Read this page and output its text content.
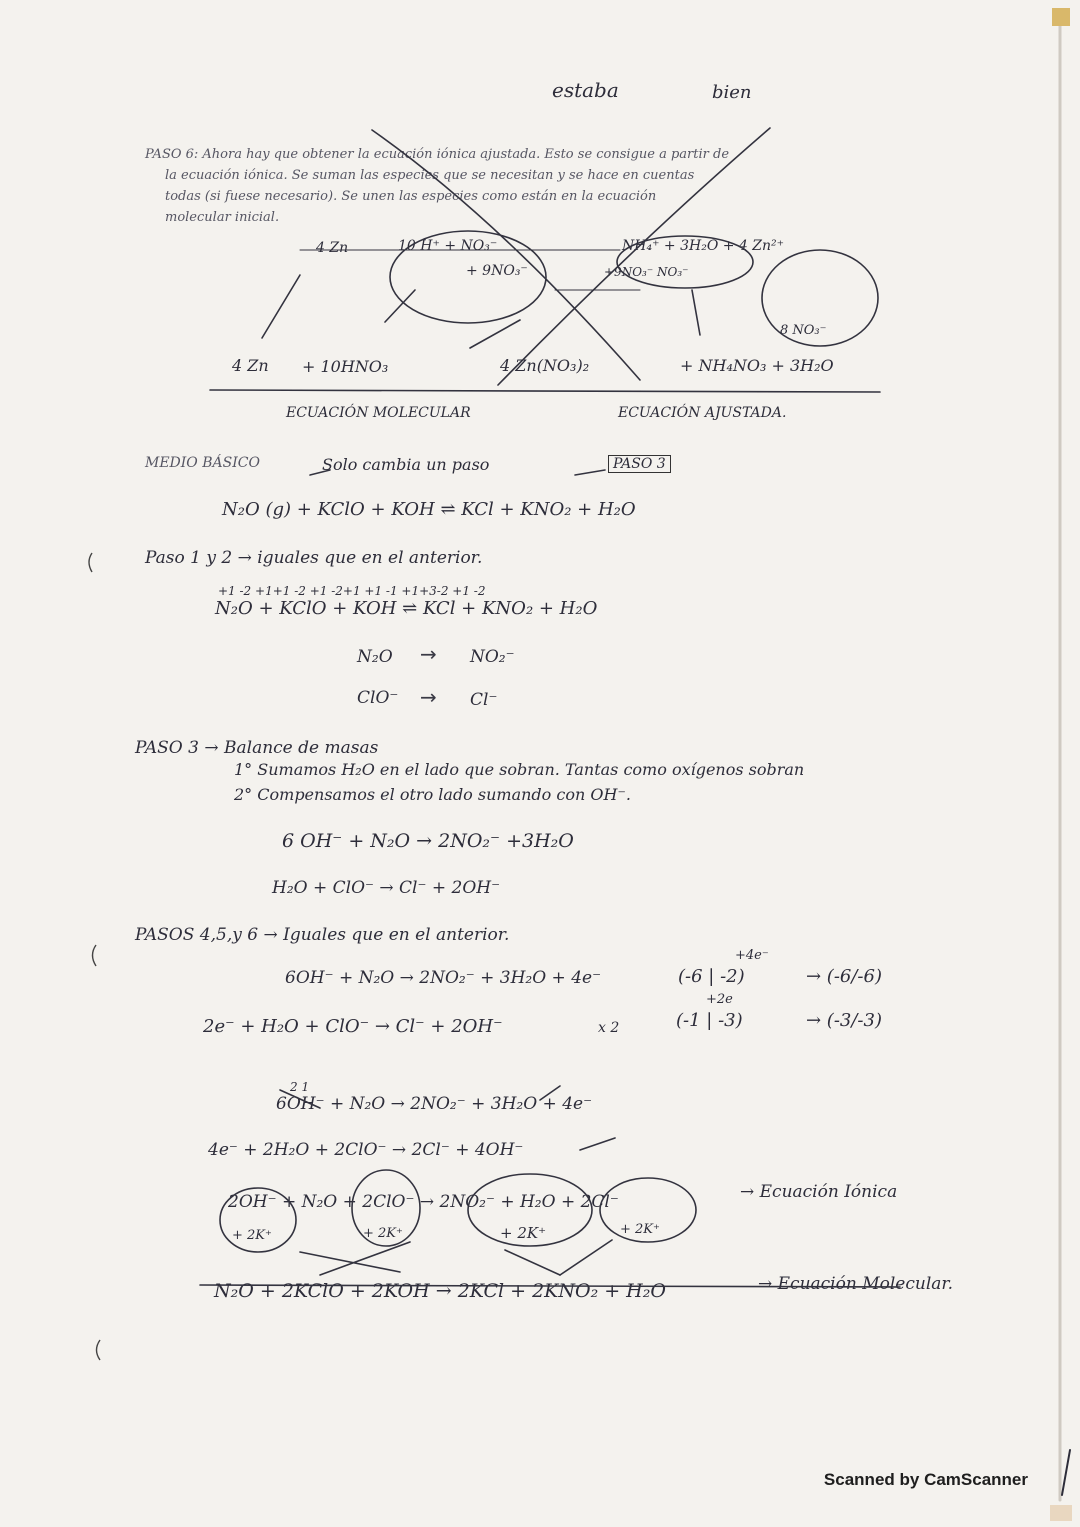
estaba	bien
PASO 6: Ahora hay que obtener la ecuación iónica ajustada. Esto se consigue a partir de
la ecuación iónica. Se suman las especies que se necesitan y se hace en cuentas
todas (si fuese necesario). Se unen las especies como están en la ecuación
molecular inicial.
4 Zn	10 H⁺ + NO₃⁻
+ 9NO₃⁻
NH₄⁺ + 3H₂O + 4 Zn²⁺
+9NO₃⁻ NO₃⁻
8 NO₃⁻
4 Zn + 10HNO₃	4 Zn(NO₃)₂	+ NH₄NO₃ + 3H₂O
ECUACIÓN MOLECULAR	ECUACIÓN AJUSTADA.
MEDIO BÁSICO	Solo cambia un paso	PASO 3
N₂O (g) + KClO + KOH ⇌ KCl + KNO₂ + H₂O
Paso 1 y 2 → iguales que en el anterior.
+1 -2 +1+1 -2 +1 -2+1 +1 -1 +1+3-2 +1 -2
N₂O + KClO + KOH ⇌ KCl + KNO₂ + H₂O
N₂O → NO₂⁻
ClO⁻ → Cl⁻
PASO 3 → Balance de masas
1° Sumamos H₂O en el lado que sobran. Tantas como oxígenos sobran
2° Compensamos el otro lado sumando con OH⁻.
6 OH⁻ + N₂O → 2NO₂⁻ +3H₂O
H₂O + ClO⁻ → Cl⁻ + 2OH⁻
PASOS 4,5,y 6 → Iguales que en el anterior.
+4e⁻
6OH⁻ + N₂O → 2NO₂⁻ + 3H₂O + 4e⁻	(-6 | -2)	→ (-6/-6)
+2e
2e⁻ + H₂O + ClO⁻ → Cl⁻ + 2OH⁻	x 2	(-1 | -3)	→ (-3/-3)
2 1
6OH⁻ + N₂O → 2NO₂⁻ + 3H₂O + 4e⁻
4e⁻ + 2H₂O + 2ClO⁻ → 2Cl⁻ + 4OH⁻
2OH⁻ + N₂O + 2ClO⁻ → 2NO₂⁻ + H₂O + 2Cl⁻
+ 2K⁺	+ 2K⁺	+ 2K⁺	+ 2K⁺
→ Ecuación Iónica
N₂O + 2KClO + 2KOH → 2KCl + 2KNO₂ + H₂O	→ Ecuación Molecular.
Scanned by CamScanner
